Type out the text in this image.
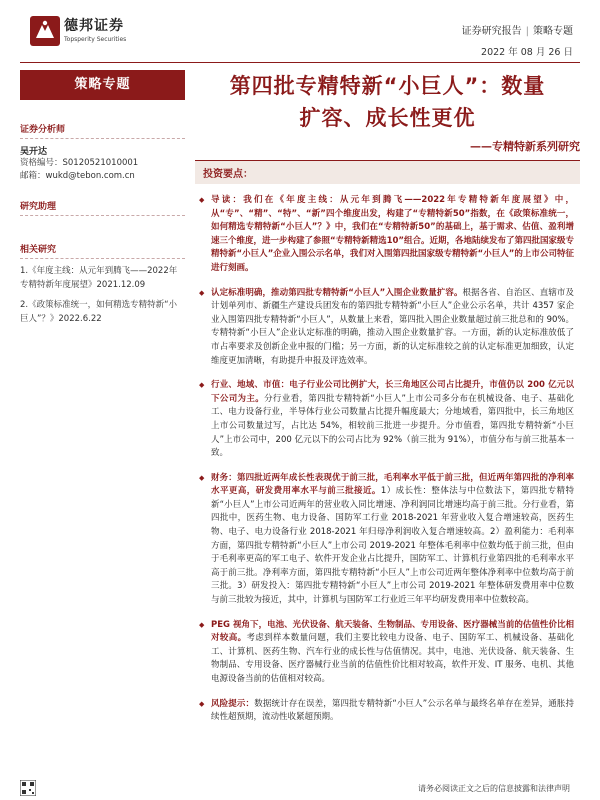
德邦证券
Topsperity Securities
证券研究报告 | 策略专题
2022 年 08 月 26 日
策略专题
证券分析师
吴开达
资格编号：S0120521010001
邮箱：wukd@tebon.com.cn
研究助理
相关研究
1.《年度主线：从元年到腾飞——2022年专精特新年度展望》2021.12.09
2.《政策标准统一，如何精选专精特新“小巨人”？》2022.6.22
第四批专精特新“小巨人”：数量
扩容、成长性更优
——专精特新系列研究
投资要点：
◆ 导读：我们在《年度主线：从元年到腾飞——2022年专精特新年度展望》中，从“专”、“精”、“特”、“新”四个维度出发，构建了“专精特新50”指数，在《政策标准统一，如何精选专精特新“小巨人”？》中，我们在“专精特新50”的基础上，基于需求、估值、盈利增速三个维度，进一步构建了参照“专精特新精选10”组合。近期，各地陆续发布了第四批国家级专精特新“小巨人”企业入围公示名单，我们对入围第四批国家级专精特新“小巨人”的上市公司特征进行刻画。
◆ 认定标准明确，推动第四批专精特新“小巨人”入围企业数量扩容。根据各省、自治区、直辖市及计划单列市、新疆生产建设兵团发布的第四批专精特新“小巨人”企业公示名单，共计 4357 家企业入围第四批专精特新“小巨人”，从数量上来看，第四批入围企业数量超过前三批总和的 90%。专精特新“小巨人”企业认定标准的明确，推动入围企业数量扩容。一方面，新的认定标准放低了市占率要求及创新企业申报的门槛；另一方面，新的认定标准较之前的认定标准更加细致，认定维度更加清晰，有助提升申报及评选效率。
◆ 行业、地域、市值：电子行业公司比例扩大，长三角地区公司占比提升，市值仍以 200 亿元以下公司为主。分行业看，第四批专精特新“小巨人”上市公司多分布在机械设备、电子、基础化工、电力设备行业，半导体行业公司数量占比提升幅度最大；分地域看，第四批中，长三角地区上市公司数量过写，占比达 54%，相较前三批进一步提升。分市值看，第四批专精特新“小巨人”上市公司中，200 亿元以下的公司占比为 92%（前三批为 91%），市值分布与前三批基本一致。
◆ 财务：第四批近两年成长性表现优于前三批，毛利率水平低于前三批，但近两年第四批的净利率水平更高，研发费用率水平与前三批接近。1）成长性：整体法与中位数法下，第四批专精特新“小巨人”上市公司近两年的营业收入同比增速、净利润同比增速均高于前三批。分行业看，第四批中，医药生物、电力设备、国防军工行业 2018-2021 年营业收入复合增速较高，医药生物、电子、电力设备行业 2018-2021 年归母净利润收入复合增速较高。2）盈利能力：毛利率方面，第四批专精特新“小巨人”上市公司 2019-2021 年整体毛利率中位数均低于前三批，但由于毛利率更高的军工电子、软件开发企业占比提升，国防军工、计算机行业第四批的毛利率水平高于前三批。净利率方面，第四批专精特新“小巨人”上市公司近两年整体净利率中位数均高于前三批。3）研发投入：第四批专精特新“小巨人”上市公司 2019-2021 年整体研发费用率中位数与前三批较为接近，其中，计算机与国防军工行业近三年平均研发费用率中位数较高。
◆ PEG 视角下，电池、光伏设备、航天装备、生物制品、专用设备、医疗器械当前的估值性价比相对较高。考虑到样本数量问题，我们主要比较电力设备、电子、国防军工、机械设备、基础化工、计算机、医药生物、汽车行业的成长性与估值情况。其中，电池、光伏设备、航天装备、生物制品、专用设备、医疗器械行业当前的估值性价比相对较高，软件开发、IT 服务、电机、其他电源设备当前的估值相对较高。
◆ 风险提示：数据统计存在误差，第四批专精特新“小巨人”公示名单与最终名单存在差异，通胀持续性超预期，流动性收紧超预期。
请务必阅读正文之后的信息披露和法律声明
